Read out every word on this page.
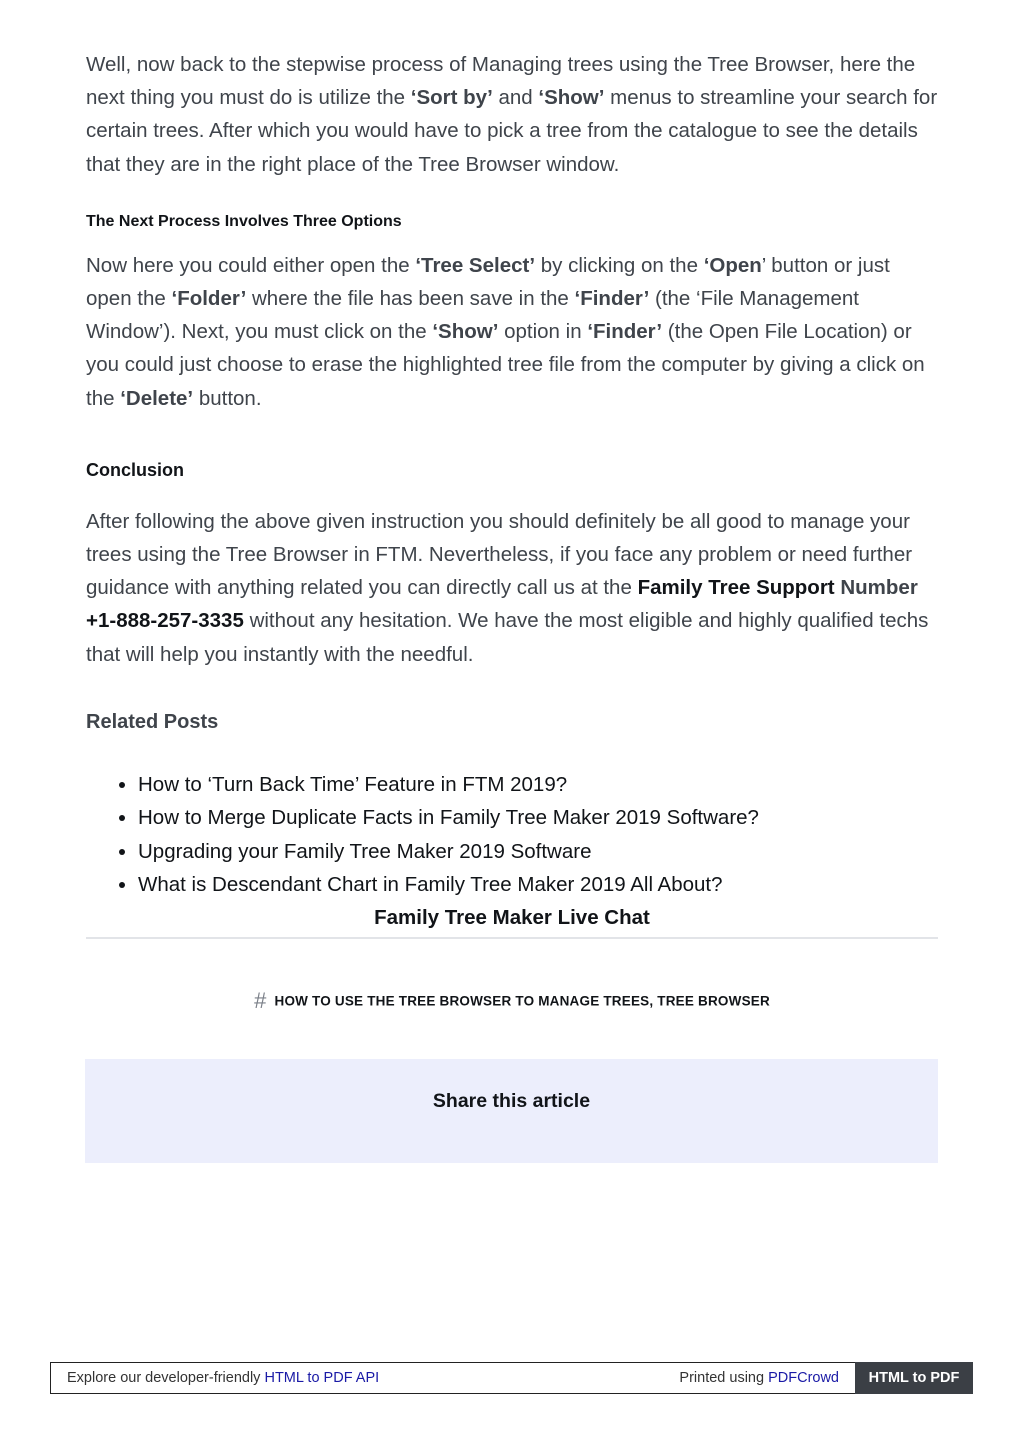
Well, now back to the stepwise process of Managing trees using the Tree Browser, here the next thing you must do is utilize the ‘Sort by’ and ‘Show’ menus to streamline your search for certain trees. After which you would have to pick a tree from the catalogue to see the details that they are in the right place of the Tree Browser window.

The Next Process Involves Three Options

Now here you could either open the ‘Tree Select’ by clicking on the ‘Open’ button or just open the ‘Folder’ where the file has been save in the ‘Finder’ (the ‘File Management Window’). Next, you must click on the ‘Show’ option in ‘Finder’ (the Open File Location) or you could just choose to erase the highlighted tree file from the computer by giving a click on the ‘Delete’ button.

Conclusion

After following the above given instruction you should definitely be all good to manage your trees using the Tree Browser in FTM. Nevertheless, if you face any problem or need further guidance with anything related you can directly call us at the Family Tree Support Number +1-888-257-3335 without any hesitation. We have the most eligible and highly qualified techs that will help you instantly with the needful.

Related Posts
• How to ‘Turn Back Time’ Feature in FTM 2019?
• How to Merge Duplicate Facts in Family Tree Maker 2019 Software?
• Upgrading your Family Tree Maker 2019 Software
• What is Descendant Chart in Family Tree Maker 2019 All About?

Family Tree Maker Live Chat

# HOW TO USE THE TREE BROWSER TO MANAGE TREES, TREE BROWSER
Share this article
Explore our developer-friendly HTML to PDF API	Printed using PDFCrowd	HTML to PDF
